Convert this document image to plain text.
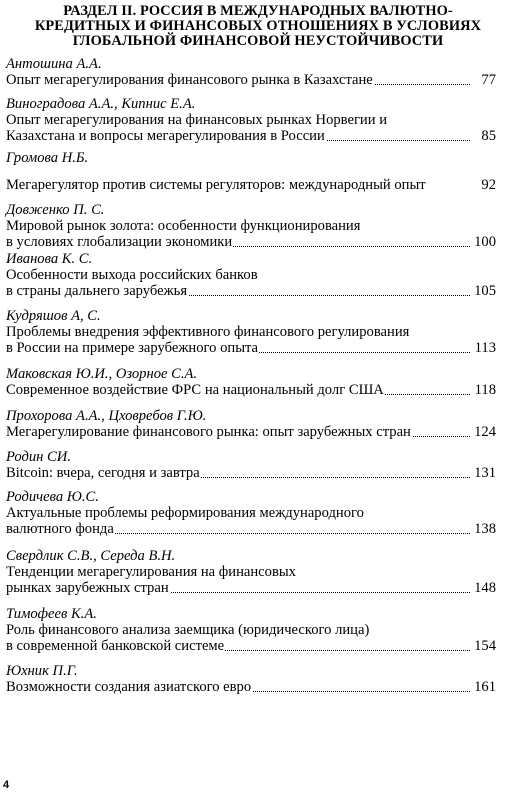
РАЗДЕЛ II. РОССИЯ В МЕЖДУНАРОДНЫХ ВАЛЮТНО-
КРЕДИТНЫХ И ФИНАНСОВЫХ ОТНОШЕНИЯХ В УСЛОВИЯХ
ГЛОБАЛЬНОЙ ФИНАНСОВОЙ НЕУСТОЙЧИВОСТИ
Антошина А.А.
Опыт мегарегулирования финансового рынка в Казахстане	77
Виноградова А.А., Кипнис Е.А.
Опыт мегарегулирования на финансовых рынках Норвегии и
Казахстана и вопросы мегарегулирования в России	85
Громова Н.Б.
Мегарегулятор против системы регуляторов: международный опыт	92
Довженко П. С.
Мировой рынок золота: особенности функционирования
в условиях глобализации экономики	100
Иванова К. С.
Особенности выхода российских банков
в страны дальнего зарубежья	105
Кудряшов А, С.
Проблемы внедрения эффективного финансового регулирования
в России на примере зарубежного опыта	113
Маковская Ю.И., Озорное С.А.
Современное воздействие ФРС на национальный долг США	118
Прохорова А.А., Цховребов Г.Ю.
Мегарегулирование финансового рынка: опыт зарубежных стран	124
Родин СИ.
Bitcoin: вчера, сегодня и завтра	131
Родичева Ю.С.
Актуальные проблемы реформирования международного
валютного фонда	138
Свердлик С.В., Середа В.Н.
Тенденции мегарегулирования на финансовых
рынках зарубежных стран	148
Тимофеев К.А.
Роль финансового анализа заемщика (юридического лица)
в современной банковской системе	154
Юхник П.Г.
Возможности создания азиатского евро	161
4
